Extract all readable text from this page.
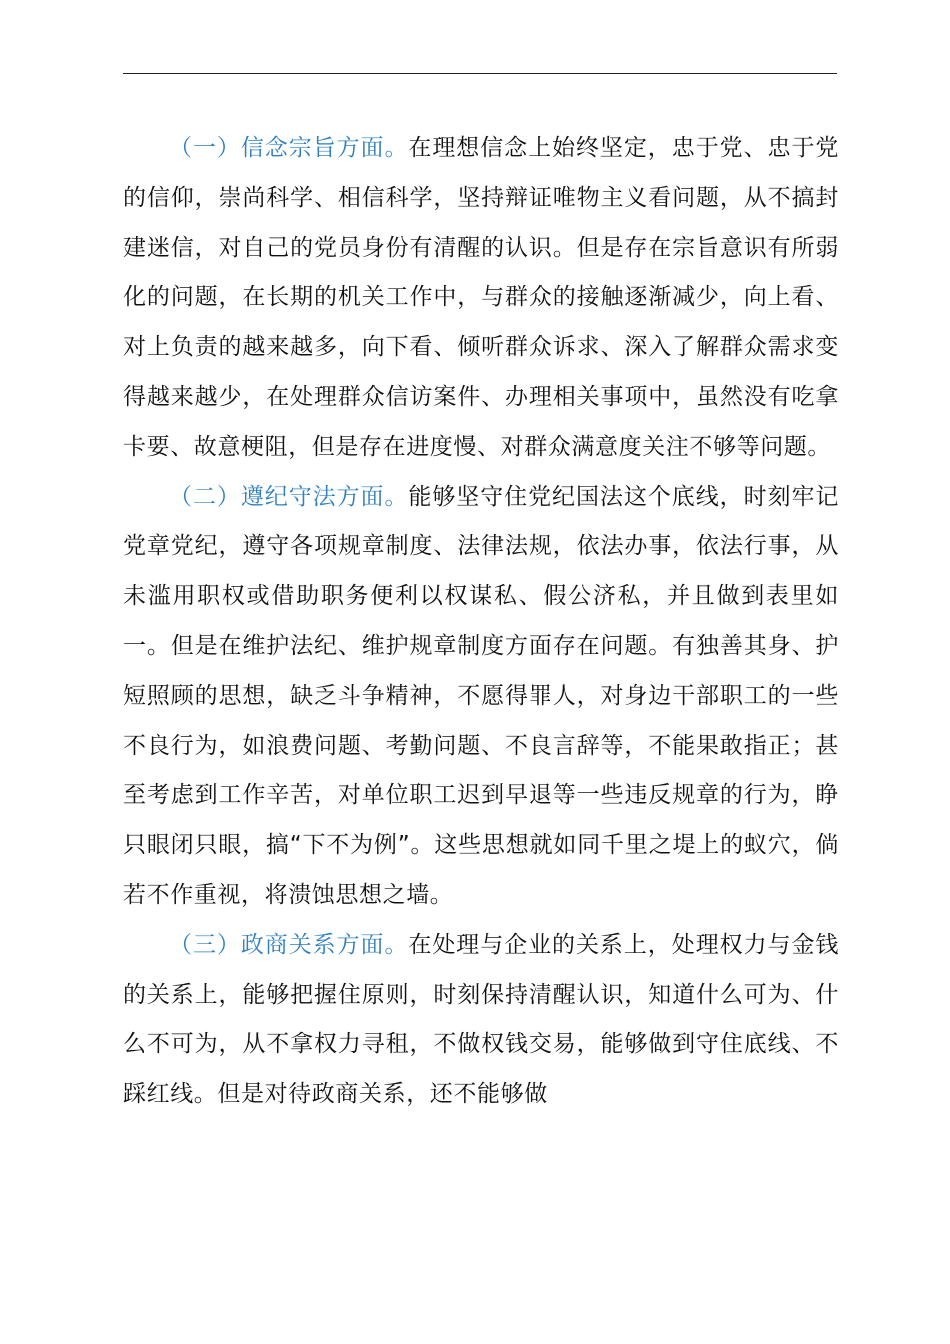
（一）信念宗旨方面。在理想信念上始终坚定，忠于党、忠于党的信仰，崇尚科学、相信科学，坚持辩证唯物主义看问题，从不搞封建迷信，对自己的党员身份有清醒的认识。但是存在宗旨意识有所弱化的问题，在长期的机关工作中，与群众的接触逐渐减少，向上看、对上负责的越来越多，向下看、倾听群众诉求、深入了解群众需求变得越来越少，在处理群众信访案件、办理相关事项中，虽然没有吃拿卡要、故意梗阻，但是存在进度慢、对群众满意度关注不够等问题。

（二）遵纪守法方面。能够坚守住党纪国法这个底线，时刻牢记党章党纪，遵守各项规章制度、法律法规，依法办事，依法行事，从未滥用职权或借助职务便利以权谋私、假公济私，并且做到表里如一。但是在维护法纪、维护规章制度方面存在问题。有独善其身、护短照顾的思想，缺乏斗争精神，不愿得罪人，对身边干部职工的一些不良行为，如浪费问题、考勤问题、不良言辞等，不能果敢指正；甚至考虑到工作辛苦，对单位职工迟到早退等一些违反规章的行为，睁只眼闭只眼，搞“下不为例”。这些思想就如同千里之堤上的蚁穴，倘若不作重视，将溃蚀思想之墙。

（三）政商关系方面。在处理与企业的关系上，处理权力与金钱的关系上，能够把握住原则，时刻保持清醒认识，知道什么可为、什么不可为，从不拿权力寻租，不做权钱交易，能够做到守住底线、不踩红线。但是对待政商关系，还不能够做
